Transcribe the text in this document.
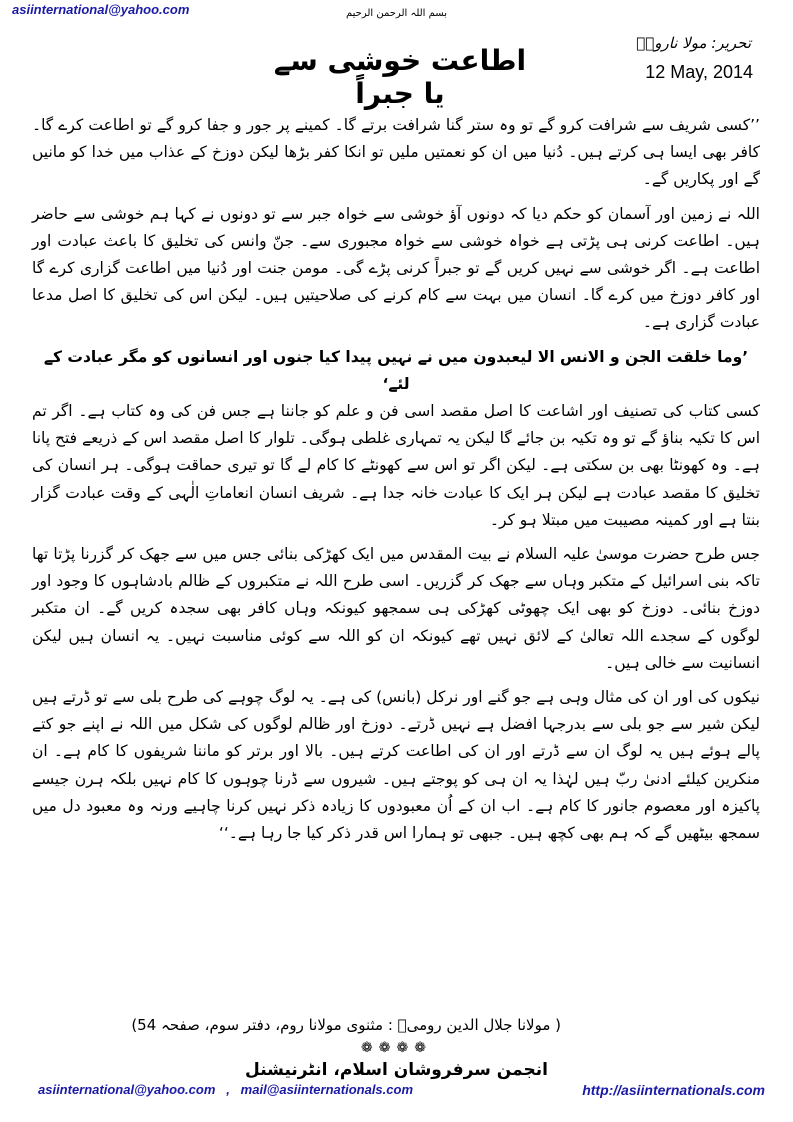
asiinternational@yahoo.com	بسم اللہ الرحمن الرحیم
تحریر: مولا نارومؒ
12 May, 2014
اطاعت خوشی سے یا جبراً

’’کسی شریف سے شرافت کرو گے تو وہ ستر گنا شرافت برتے گا۔ کمینے پر جور و جفا کرو گے تو اطاعت کرے گا۔ کافر بھی ایسا ہی کرتے ہیں۔ دُنیا میں ان کو نعمتیں ملیں تو انکا کفر بڑھا لیکن دوزخ کے عذاب میں خدا کو مانیں گے اور پکاریں گے۔

اللہ نے زمین اور آسمان کو حکم دیا کہ دونوں آؤ خوشی سے خواہ جبر سے تو دونوں نے کہا ہم خوشی سے حاضر ہیں۔ اطاعت کرنی ہی پڑتی ہے خواہ خوشی سے خواہ مجبوری سے۔ جنّ وانس کی تخلیق کا باعث عبادت اور اطاعت ہے۔ اگر خوشی سے نہیں کریں گے تو جبراً کرنی پڑے گی۔ مومن جنت اور دُنیا میں اطاعت گزاری کرے گا اور کافر دوزخ میں کرے گا۔ انسان میں بہت سے کام کرنے کی صلاحیتیں ہیں۔ لیکن اس کی تخلیق کا اصل مدعا عبادت گزاری ہے۔

’وما خلقت الجن و الانس الا لیعبدون میں نے نہیں پیدا کیا جنوں اور انسانوں کو مگر عبادت کے لئے‘

کسی کتاب کی تصنیف اور اشاعت کا اصل مقصد اسی فن و علم کو جاننا ہے جس فن کی وہ کتاب ہے۔ اگر تم اس کا تکیہ بناؤ گے تو وہ تکیہ بن جائے گا لیکن یہ تمہاری غلطی ہوگی۔ تلوار کا اصل مقصد اس کے ذریعے فتح پانا ہے۔ وہ کھونٹا بھی بن سکتی ہے۔ لیکن اگر تو اس سے کھونٹے کا کام لے گا تو تیری حماقت ہوگی۔ ہر انسان کی تخلیق کا مقصد عبادت ہے لیکن ہر ایک کا عبادت خانہ جدا ہے۔ شریف انسان انعاماتِ الٰہی کے وقت عبادت گزار بنتا ہے اور کمینہ مصیبت میں مبتلا ہو کر۔

جس طرح حضرت موسیٰ علیہ السلام نے بیت المقدس میں ایک کھڑکی بنائی جس میں سے جھک کر گزرنا پڑتا تھا تاکہ بنی اسرائیل کے متکبر وہاں سے جھک کر گزریں۔ اسی طرح اللہ نے متکبروں کے ظالم بادشاہوں کا وجود اور دوزخ بنائی۔ دوزخ کو بھی ایک چھوٹی کھڑکی ہی سمجھو کیونکہ وہاں کافر بھی سجدہ کریں گے۔ ان متکبر لوگوں کے سجدے اللہ تعالیٰ کے لائق نہیں تھے کیونکہ ان کو اللہ سے کوئی مناسبت نہیں۔ یہ انسان ہیں لیکن انسانیت سے خالی ہیں۔

نیکوں کی اور ان کی مثال وہی ہے جو گنے اور نرکل (بانس) کی ہے۔ یہ لوگ چوہے کی طرح بلی سے تو ڈرتے ہیں لیکن شیر سے جو بلی سے بدرجہا افضل ہے نہیں ڈرتے۔ دوزخ اور ظالم لوگوں کی شکل میں اللہ نے اپنے جو کتے پالے ہوئے ہیں یہ لوگ ان سے ڈرتے اور ان کی اطاعت کرتے ہیں۔ بالا اور برتر کو ماننا شریفوں کا کام ہے۔ ان منکرین کیلئے ادنیٰ ربّ ہیں لہٰذا یہ ان ہی کو پوجتے ہیں۔ شیروں سے ڈرنا چوہوں کا کام نہیں بلکہ ہرن جیسے پاکیزہ اور معصوم جانور کا کام ہے۔ اب ان کے اُن معبودوں کا زیادہ ذکر نہیں کرنا چاہیے ورنہ وہ معبود دل میں سمجھ بیٹھیں گے کہ ہم بھی کچھ ہیں۔ جبھی تو ہمارا اس قدر ذکر کیا جا رہا ہے۔‘‘

( مولانا جلال الدین رومیؒ : مثنوی مولانا روم، دفتر سوم، صفحہ 54)
❁❁❁❁
انجمن سرفروشان اسلام، انٹرنیشنل
asiinternational@yahoo.com   ,   mail@asiinternationals.com	http://asiinternationals.com
